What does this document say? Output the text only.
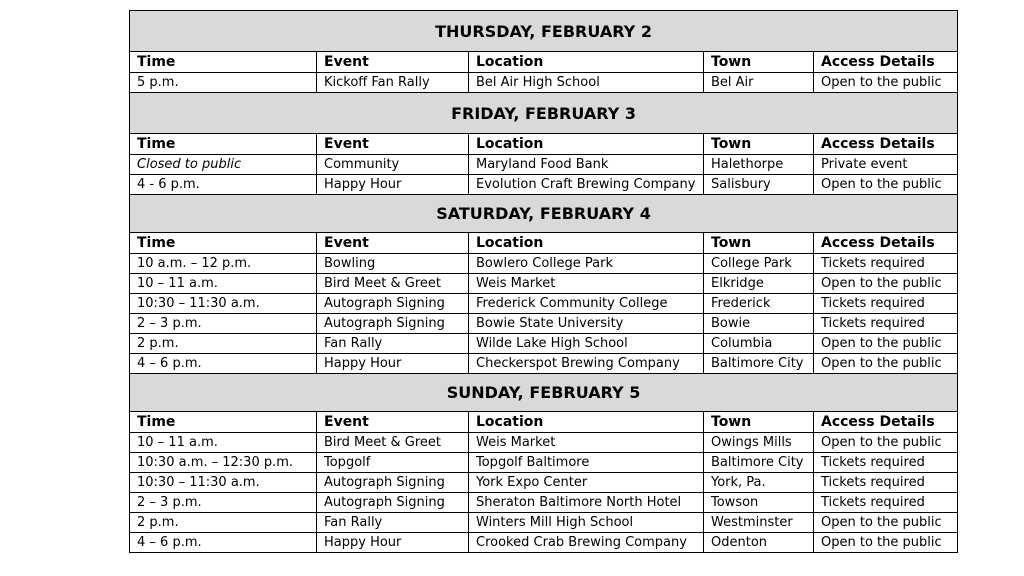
THURSDAY, FEBRUARY 2				
Time	Event	Location	Town	Access Details
5 p.m.	Kickoff Fan Rally	Bel Air High School	Bel Air	Open to the public
FRIDAY, FEBRUARY 3				
Time	Event	Location	Town	Access Details
Closed to public	Community	Maryland Food Bank	Halethorpe	Private event
4 - 6 p.m.	Happy Hour	Evolution Craft Brewing Company	Salisbury	Open to the public
SATURDAY, FEBRUARY 4				
Time	Event	Location	Town	Access Details
10 a.m. – 12 p.m.	Bowling	Bowlero College Park	College Park	Tickets required
10 – 11 a.m.	Bird Meet & Greet	Weis Market	Elkridge	Open to the public
10:30 – 11:30 a.m.	Autograph Signing	Frederick Community College	Frederick	Tickets required
2 – 3 p.m.	Autograph Signing	Bowie State University	Bowie	Tickets required
2 p.m.	Fan Rally	Wilde Lake High School	Columbia	Open to the public
4 – 6 p.m.	Happy Hour	Checkerspot Brewing Company	Baltimore City	Open to the public
SUNDAY, FEBRUARY 5				
Time	Event	Location	Town	Access Details
10 – 11 a.m.	Bird Meet & Greet	Weis Market	Owings Mills	Open to the public
10:30 a.m. – 12:30 p.m.	Topgolf	Topgolf Baltimore	Baltimore City	Tickets required
10:30 – 11:30 a.m.	Autograph Signing	York Expo Center	York, Pa.	Tickets required
2 – 3 p.m.	Autograph Signing	Sheraton Baltimore North Hotel	Towson	Tickets required
2 p.m.	Fan Rally	Winters Mill High School	Westminster	Open to the public
4 – 6 p.m.	Happy Hour	Crooked Crab Brewing Company	Odenton	Open to the public
